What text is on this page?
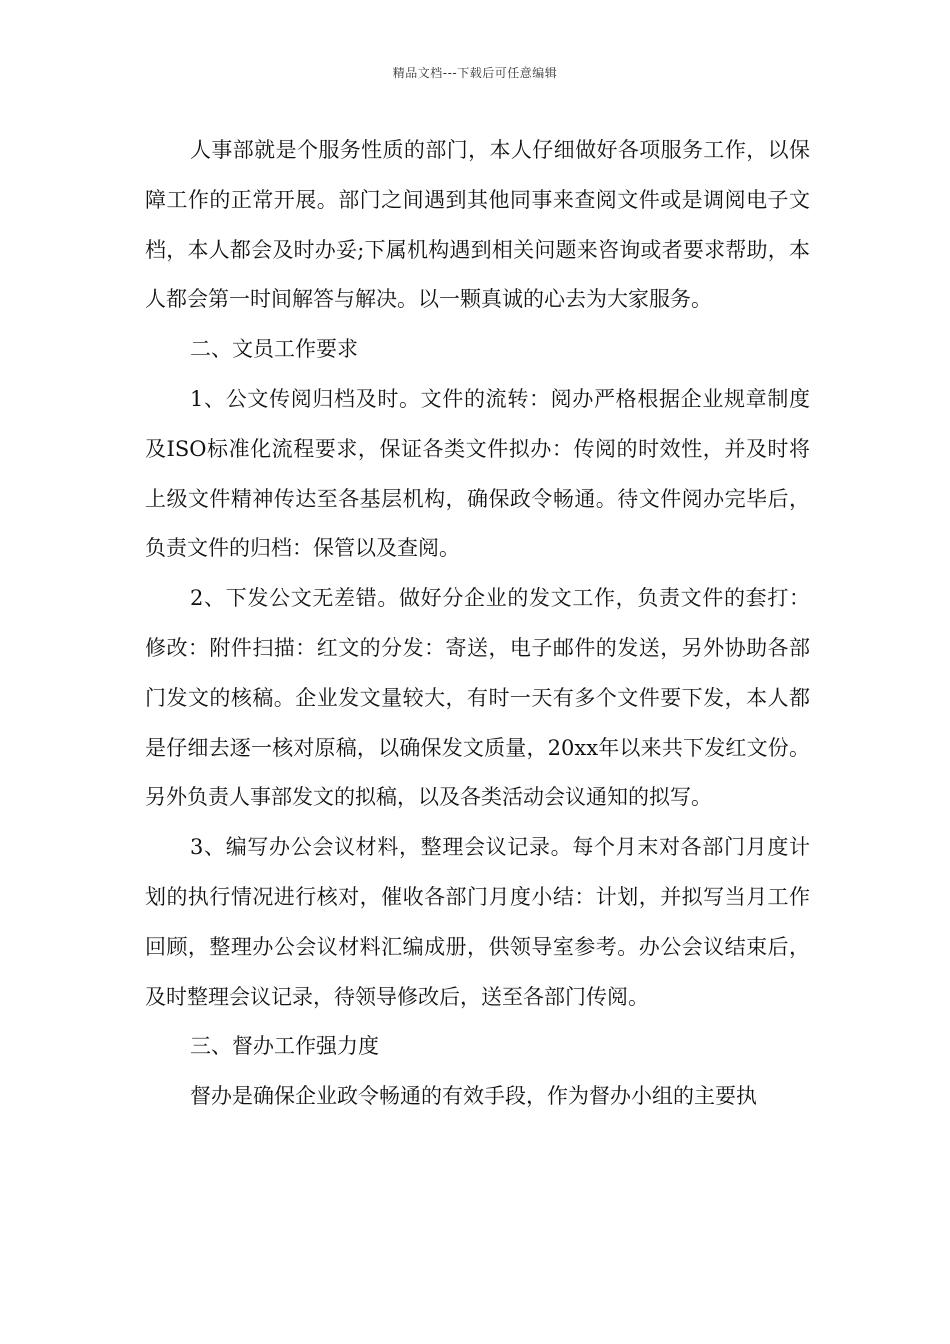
精品文档---下载后可任意编辑

人事部就是个服务性质的部门，本人仔细做好各项服务工作，以保障工作的正常开展。部门之间遇到其他同事来查阅文件或是调阅电子文档，本人都会及时办妥;下属机构遇到相关问题来咨询或者要求帮助，本人都会第一时间解答与解决。以一颗真诚的心去为大家服务。

二、文员工作要求

1、公文传阅归档及时。文件的流转：阅办严格根据企业规章制度及ISO标准化流程要求，保证各类文件拟办：传阅的时效性，并及时将上级文件精神传达至各基层机构，确保政令畅通。待文件阅办完毕后，负责文件的归档：保管以及查阅。

2、下发公文无差错。做好分企业的发文工作，负责文件的套打：修改：附件扫描：红文的分发：寄送，电子邮件的发送，另外协助各部门发文的核稿。企业发文量较大，有时一天有多个文件要下发，本人都是仔细去逐一核对原稿，以确保发文质量，20xx年以来共下发红文份。另外负责人事部发文的拟稿，以及各类活动会议通知的拟写。

3、编写办公会议材料，整理会议记录。每个月末对各部门月度计划的执行情况进行核对，催收各部门月度小结：计划，并拟写当月工作回顾，整理办公会议材料汇编成册，供领导室参考。办公会议结束后，及时整理会议记录，待领导修改后，送至各部门传阅。

三、督办工作强力度

督办是确保企业政令畅通的有效手段，作为督办小组的主要执
